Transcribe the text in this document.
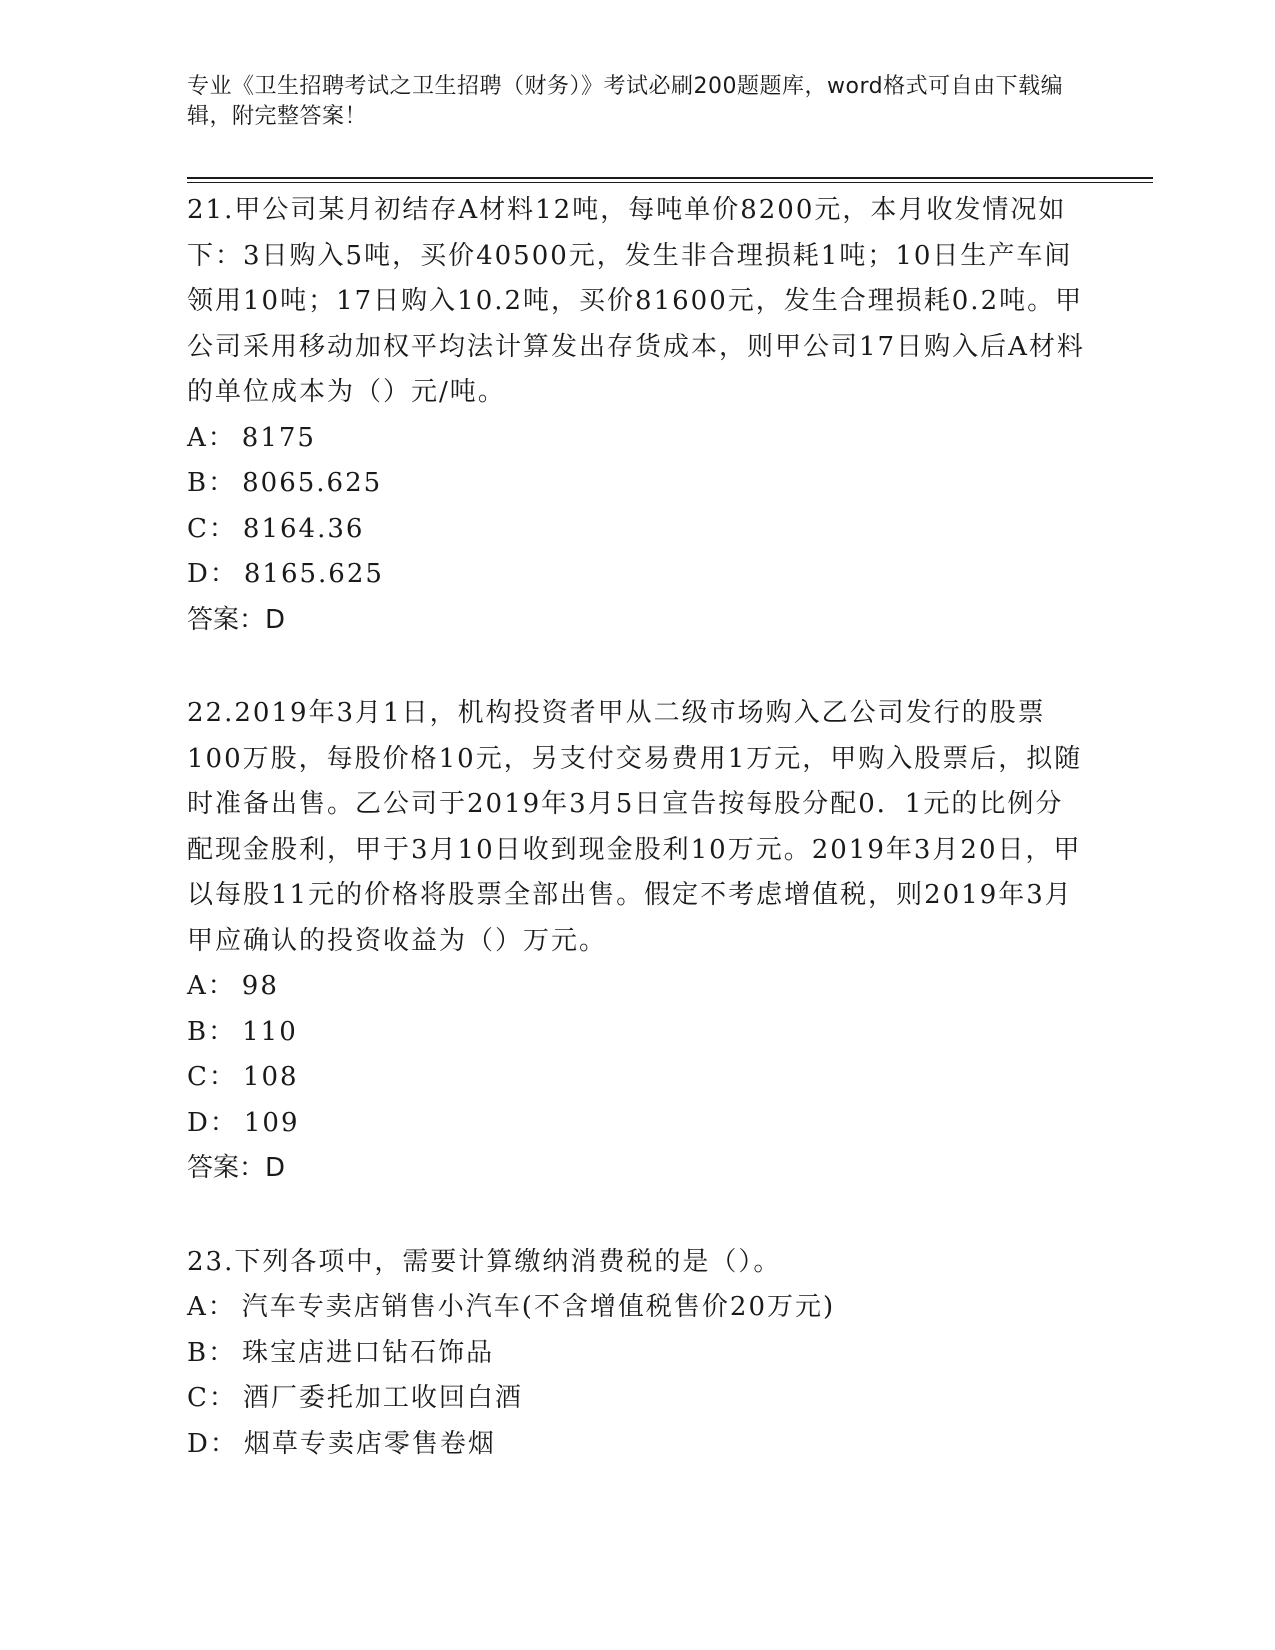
专业《卫生招聘考试之卫生招聘（财务）》考试必刷200题题库，word格式可自由下载编辑，附完整答案！

21.甲公司某月初结存A材料12吨，每吨单价8200元，本月收发情况如下：3日购入5吨，买价40500元，发生非合理损耗1吨；10日生产车间领用10吨；17日购入10.2吨，买价81600元，发生合理损耗0.2吨。甲公司采用移动加权平均法计算发出存货成本，则甲公司17日购入后A材料的单位成本为（）元/吨。

A： 8175
B： 8065.625
C： 8164.36
D： 8165.625
答案：D

22.2019年3月1日，机构投资者甲从二级市场购入乙公司发行的股票100万股，每股价格10元，另支付交易费用1万元，甲购入股票后，拟随时准备出售。乙公司于2019年3月5日宣告按每股分配0．1元的比例分配现金股利，甲于3月10日收到现金股利10万元。2019年3月20日，甲以每股11元的价格将股票全部出售。假定不考虑增值税，则2019年3月甲应确认的投资收益为（）万元。

A： 98
B： 110
C： 108
D： 109
答案：D

23.下列各项中，需要计算缴纳消费税的是（）。

A： 汽车专卖店销售小汽车(不含增值税售价20万元)
B： 珠宝店进口钻石饰品
C： 酒厂委托加工收回白酒
D： 烟草专卖店零售卷烟
